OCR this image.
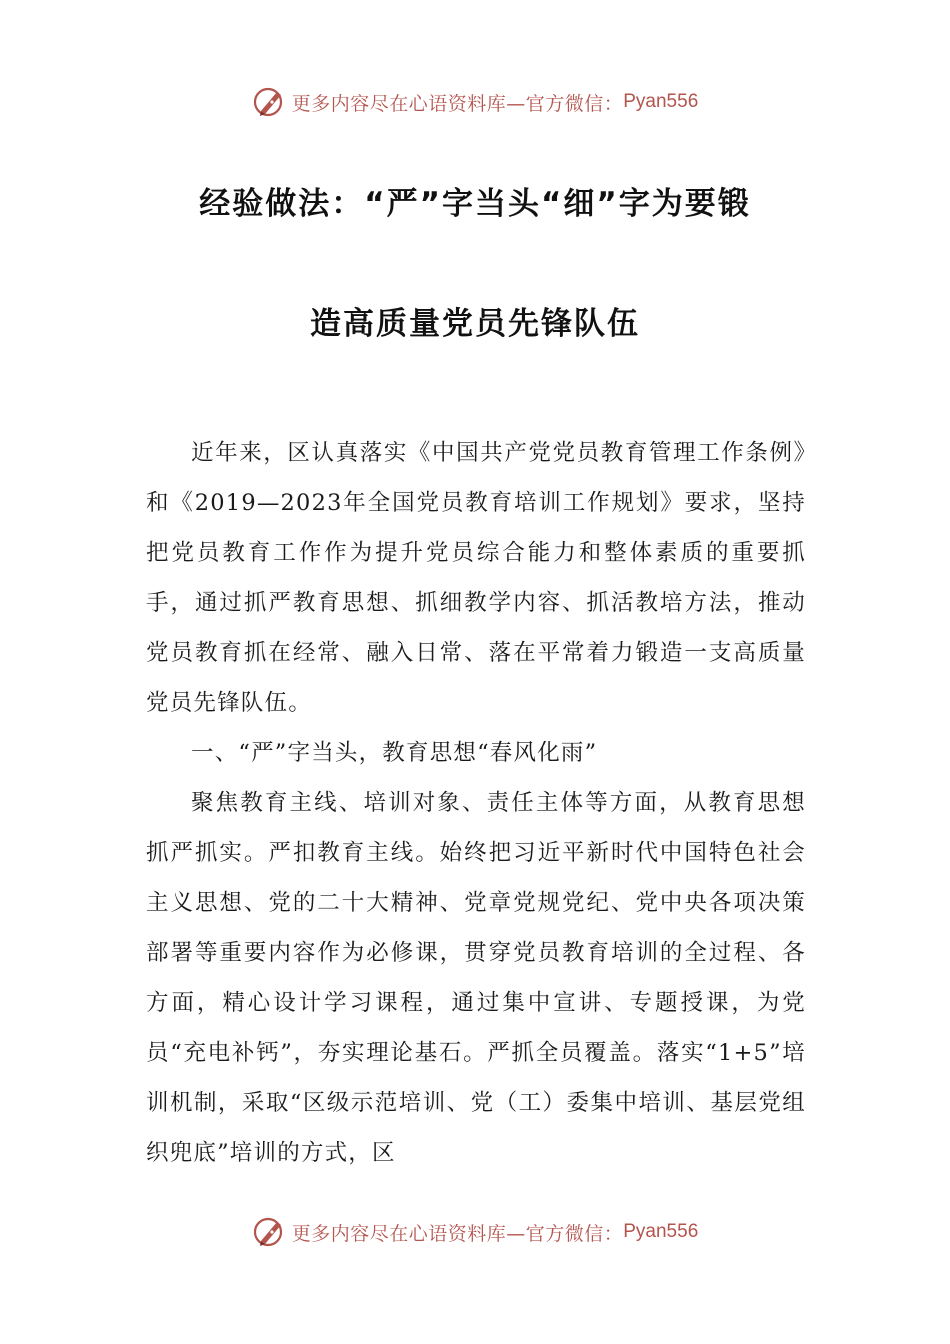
更多内容尽在心语资料库—官方微信： Pyan556
经验做法：“严”字当头“细”字为要锻
造高质量党员先锋队伍

近年来，区认真落实《中国共产党党员教育管理工作条例》和《2019—2023年全国党员教育培训工作规划》要求，坚持把党员教育工作作为提升党员综合能力和整体素质的重要抓手，通过抓严教育思想、抓细教学内容、抓活教培方法，推动党员教育抓在经常、融入日常、落在平常着力锻造一支高质量党员先锋队伍。

一、“严”字当头，教育思想“春风化雨”

聚焦教育主线、培训对象、责任主体等方面，从教育思想抓严抓实。严扣教育主线。始终把习近平新时代中国特色社会主义思想、党的二十大精神、党章党规党纪、党中央各项决策部署等重要内容作为必修课，贯穿党员教育培训的全过程、各方面，精心设计学习课程，通过集中宣讲、专题授课，为党员“充电补钙”，夯实理论基石。严抓全员覆盖。落实“1+5”培训机制，采取“区级示范培训、党（工）委集中培训、基层党组织兜底”培训的方式，区

更多内容尽在心语资料库—官方微信： Pyan556
